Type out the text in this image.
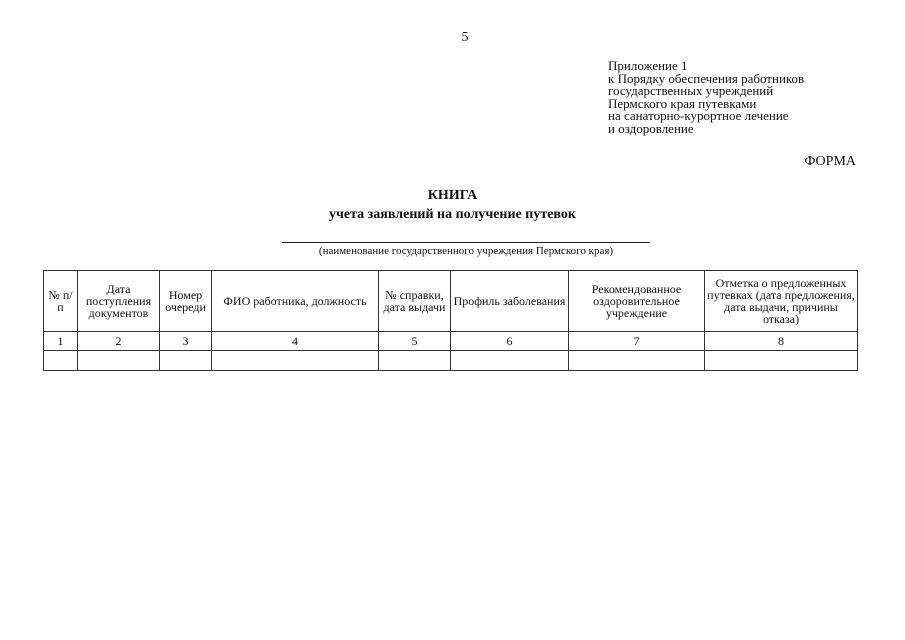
5
Приложение 1
к Порядку обеспечения работников
государственных учреждений
Пермского края путевками
на санаторно-курортное лечение
и оздоровление
ФОРМА
КНИГА
учета заявлений на получение путевок
(наименование государственного учреждения Пермского края)
№ п/п	Дата поступления документов	Номер очереди	ФИО работника, должность	№ справки, дата выдачи	Профиль заболевания	Рекомендованное оздоровительное учреждение	Отметка о предложенных путевках (дата предложения, дата выдачи, причины отказа)
1	2	3	4	5	6	7	8
